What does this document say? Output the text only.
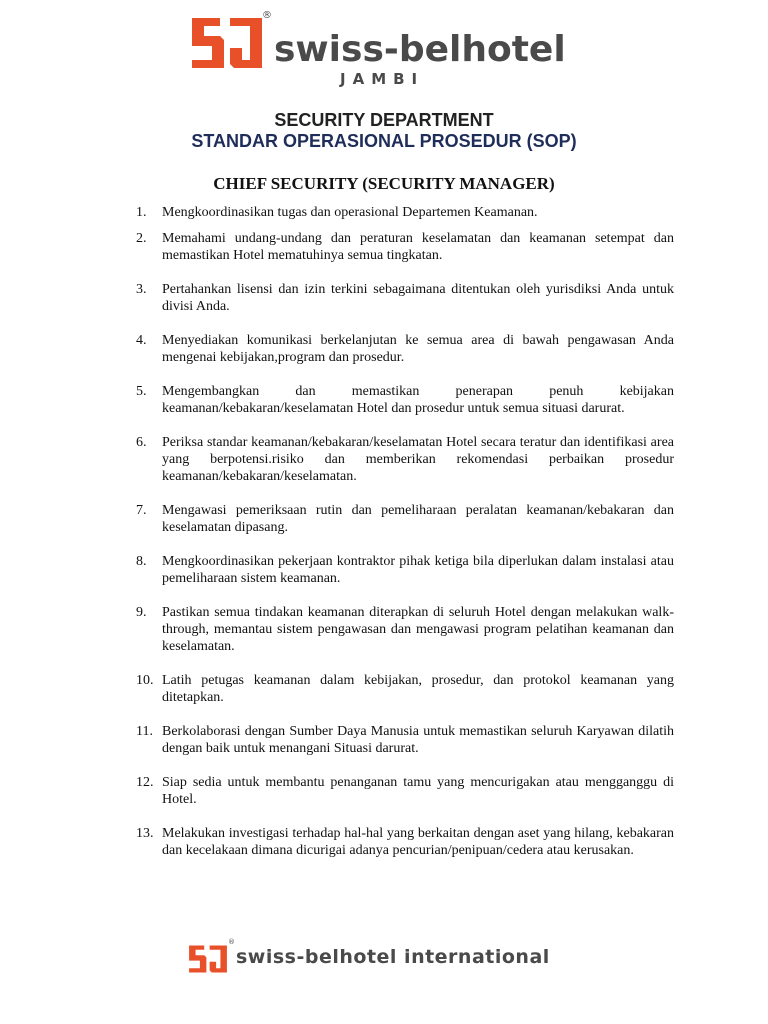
®
swiss-belhotel
JAMBI
SECURITY DEPARTMENT
STANDAR OPERASIONAL PROSEDUR (SOP)
CHIEF SECURITY (SECURITY MANAGER)
1. Mengkoordinasikan tugas dan operasional Departemen Keamanan.
2. Memahami undang-undang dan peraturan keselamatan dan keamanan setempat dan memastikan Hotel mematuhinya semua tingkatan.
3. Pertahankan lisensi dan izin terkini sebagaimana ditentukan oleh yurisdiksi Anda untuk divisi Anda.
4. Menyediakan komunikasi berkelanjutan ke semua area di bawah pengawasan Anda mengenai kebijakan,program dan prosedur.
5. Mengembangkan dan memastikan penerapan penuh kebijakan keamanan/kebakaran/keselamatan Hotel dan prosedur untuk semua situasi darurat.
6. Periksa standar keamanan/kebakaran/keselamatan Hotel secara teratur dan identifikasi area yang berpotensi.risiko dan memberikan rekomendasi perbaikan prosedur keamanan/kebakaran/keselamatan.
7. Mengawasi pemeriksaan rutin dan pemeliharaan peralatan keamanan/kebakaran dan keselamatan dipasang.
8. Mengkoordinasikan pekerjaan kontraktor pihak ketiga bila diperlukan dalam instalasi atau pemeliharaan sistem keamanan.
9. Pastikan semua tindakan keamanan diterapkan di seluruh Hotel dengan melakukan walk-through, memantau sistem pengawasan dan mengawasi program pelatihan keamanan dan keselamatan.
10. Latih petugas keamanan dalam kebijakan, prosedur, dan protokol keamanan yang ditetapkan.
11. Berkolaborasi dengan Sumber Daya Manusia untuk memastikan seluruh Karyawan dilatih dengan baik untuk menangani Situasi darurat.
12. Siap sedia untuk membantu penanganan tamu yang mencurigakan atau mengganggu di Hotel.
13. Melakukan investigasi terhadap hal-hal yang berkaitan dengan aset yang hilang, kebakaran dan kecelakaan dimana dicurigai adanya pencurian/penipuan/cedera atau kerusakan.
®
swiss-belhotel international
